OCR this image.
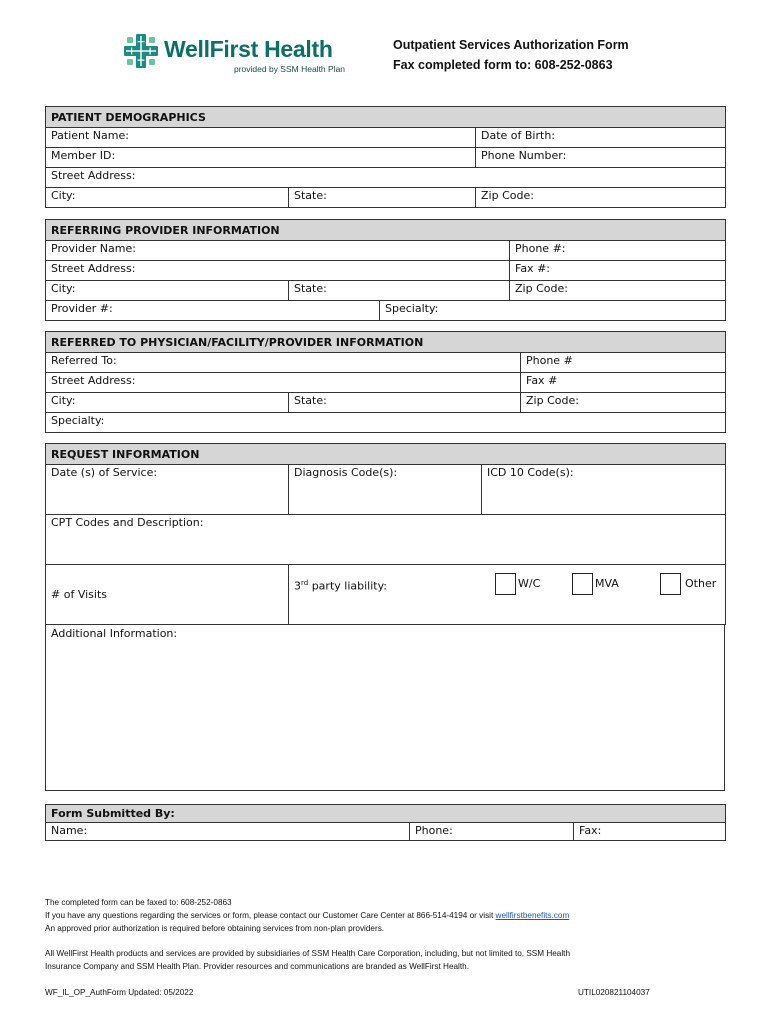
WellFirst Health
provided by SSM Health Plan
Outpatient Services Authorization Form
Fax completed form to: 608-252-0863
PATIENT DEMOGRAPHICS		
Patient Name:		Date of Birth:
Member ID:		Phone Number:
Street Address:		
City:	State:	Zip Code:
REFERRING PROVIDER INFORMATION			
Provider Name:			Phone #:
Street Address:			Fax #:
City:	State:		Zip Code:
Provider #:		Specialty:	
REFERRED TO PHYSICIAN/FACILITY/PROVIDER INFORMATION		
Referred To:		Phone #
Street Address:		Fax #
City:	State:	Zip Code:
Specialty:		
REQUEST INFORMATION		
Date (s) of Service:	Diagnosis Code(s):	ICD 10 Code(s):
CPT Codes and Description:		
# of Visits	3rd party liability: W/C MVA Other	
Additional Information:
Form Submitted By:
Name:	Phone:	Fax:
The completed form can be faxed to: 608-252-0863
If you have any questions regarding the services or form, please contact our Customer Care Center at 866-514-4194 or visit wellfirstbenefits.com
An approved prior authorization is required before obtaining services from non-plan providers.
All WellFirst Health products and services are provided by subsidiaries of SSM Health Care Corporation, including, but not limited to, SSM Health
Insurance Company and SSM Health Plan. Provider resources and communications are branded as WellFirst Health.
WF_IL_OP_AuthForm Updated: 05/2022	UTIL020821104037
